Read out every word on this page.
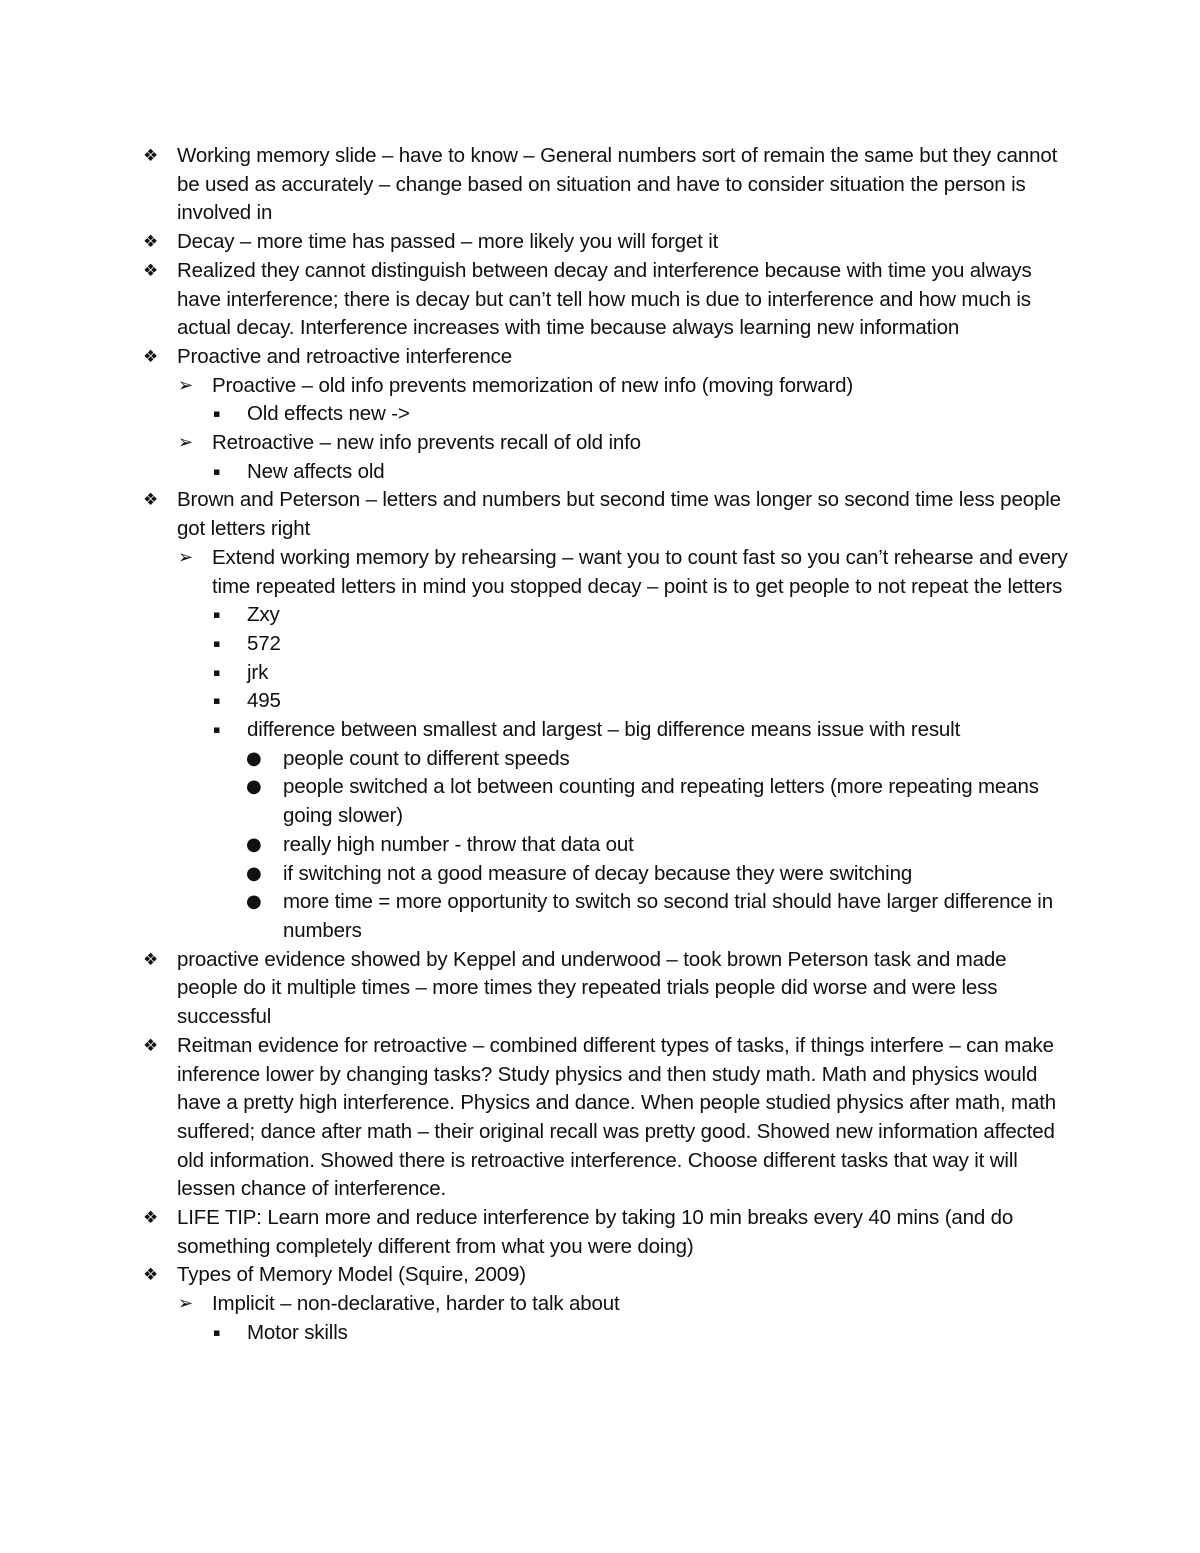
❖ Working memory slide – have to know – General numbers sort of remain the same but they cannot be used as accurately – change based on situation and have to consider situation the person is involved in
❖ Decay – more time has passed – more likely you will forget it
❖ Realized they cannot distinguish between decay and interference because with time you always have interference; there is decay but can’t tell how much is due to interference and how much is actual decay. Interference increases with time because always learning new information
❖ Proactive and retroactive interference
➢ Proactive – old info prevents memorization of new info (moving forward)
▪ Old effects new ->
➢ Retroactive – new info prevents recall of old info
▪ New affects old
❖ Brown and Peterson – letters and numbers but second time was longer so second time less people got letters right
➢ Extend working memory by rehearsing – want you to count fast so you can’t rehearse and every time repeated letters in mind you stopped decay – point is to get people to not repeat the letters
▪ Zxy
▪ 572
▪ jrk
▪ 495
▪ difference between smallest and largest – big difference means issue with result
● people count to different speeds
● people switched a lot between counting and repeating letters (more repeating means going slower)
● really high number - throw that data out
● if switching not a good measure of decay because they were switching
● more time = more opportunity to switch so second trial should have larger difference in numbers
❖ proactive evidence showed by Keppel and underwood – took brown Peterson task and made people do it multiple times – more times they repeated trials people did worse and were less successful
❖ Reitman evidence for retroactive – combined different types of tasks, if things interfere – can make inference lower by changing tasks? Study physics and then study math. Math and physics would have a pretty high interference. Physics and dance. When people studied physics after math, math suffered; dance after math – their original recall was pretty good. Showed new information affected old information. Showed there is retroactive interference. Choose different tasks that way it will lessen chance of interference.
❖ LIFE TIP: Learn more and reduce interference by taking 10 min breaks every 40 mins (and do something completely different from what you were doing)
❖ Types of Memory Model (Squire, 2009)
➢ Implicit – non-declarative, harder to talk about
▪ Motor skills
